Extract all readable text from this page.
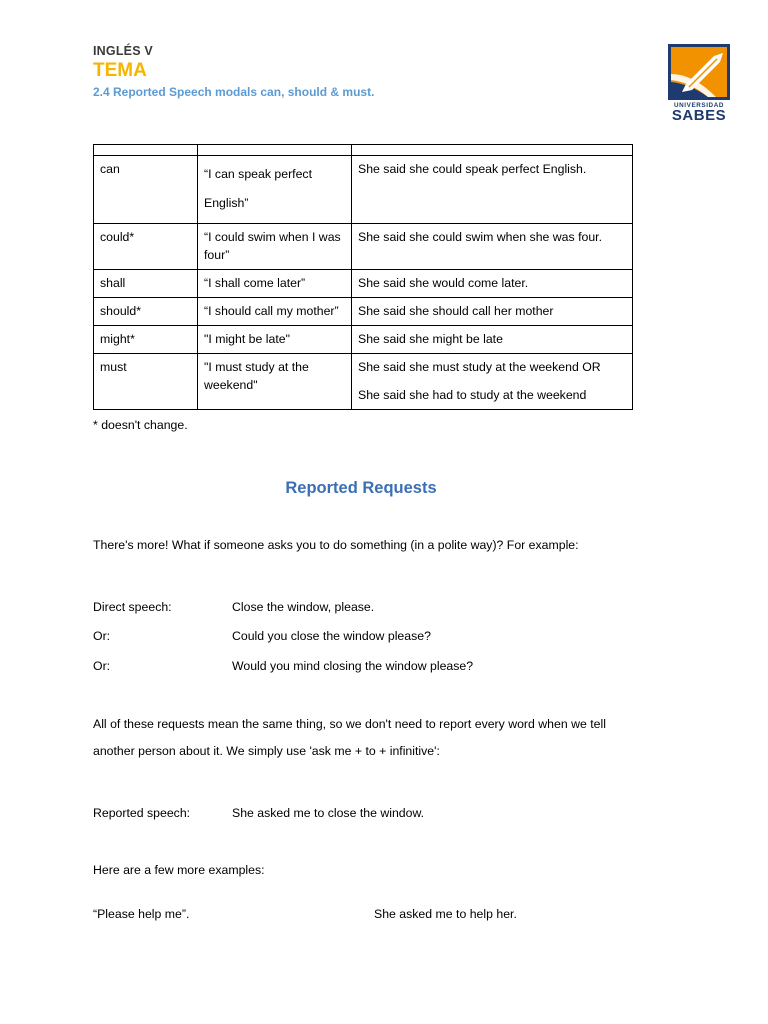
INGLÉS V
TEMA
2.4 Reported Speech modals can, should & must.
UNIVERSIDAD
SABES

can	“I can speak perfect English”	She said she could speak perfect English.
could*	“I could swim when I was four”	She said she could swim when she was four.
shall	“I shall come later”	She said she would come later.
should*	“I should call my mother”	She said she should call her mother
might*	"I might be late"	She said she might be late
must	"I must study at the weekend"	She said she must study at the weekend OR
She said she had to study at the weekend
* doesn't change.
Reported Requests
There's more! What if someone asks you to do something (in a polite way)? For example:
Direct speech:	Close the window, please.
Or:	Could you close the window please?
Or:	Would you mind closing the window please?
All of these requests mean the same thing, so we don't need to report every word when we tell another person about it. We simply use 'ask me + to + infinitive':
Reported speech:	She asked me to close the window.
Here are a few more examples:
“Please help me”.	She asked me to help her.
